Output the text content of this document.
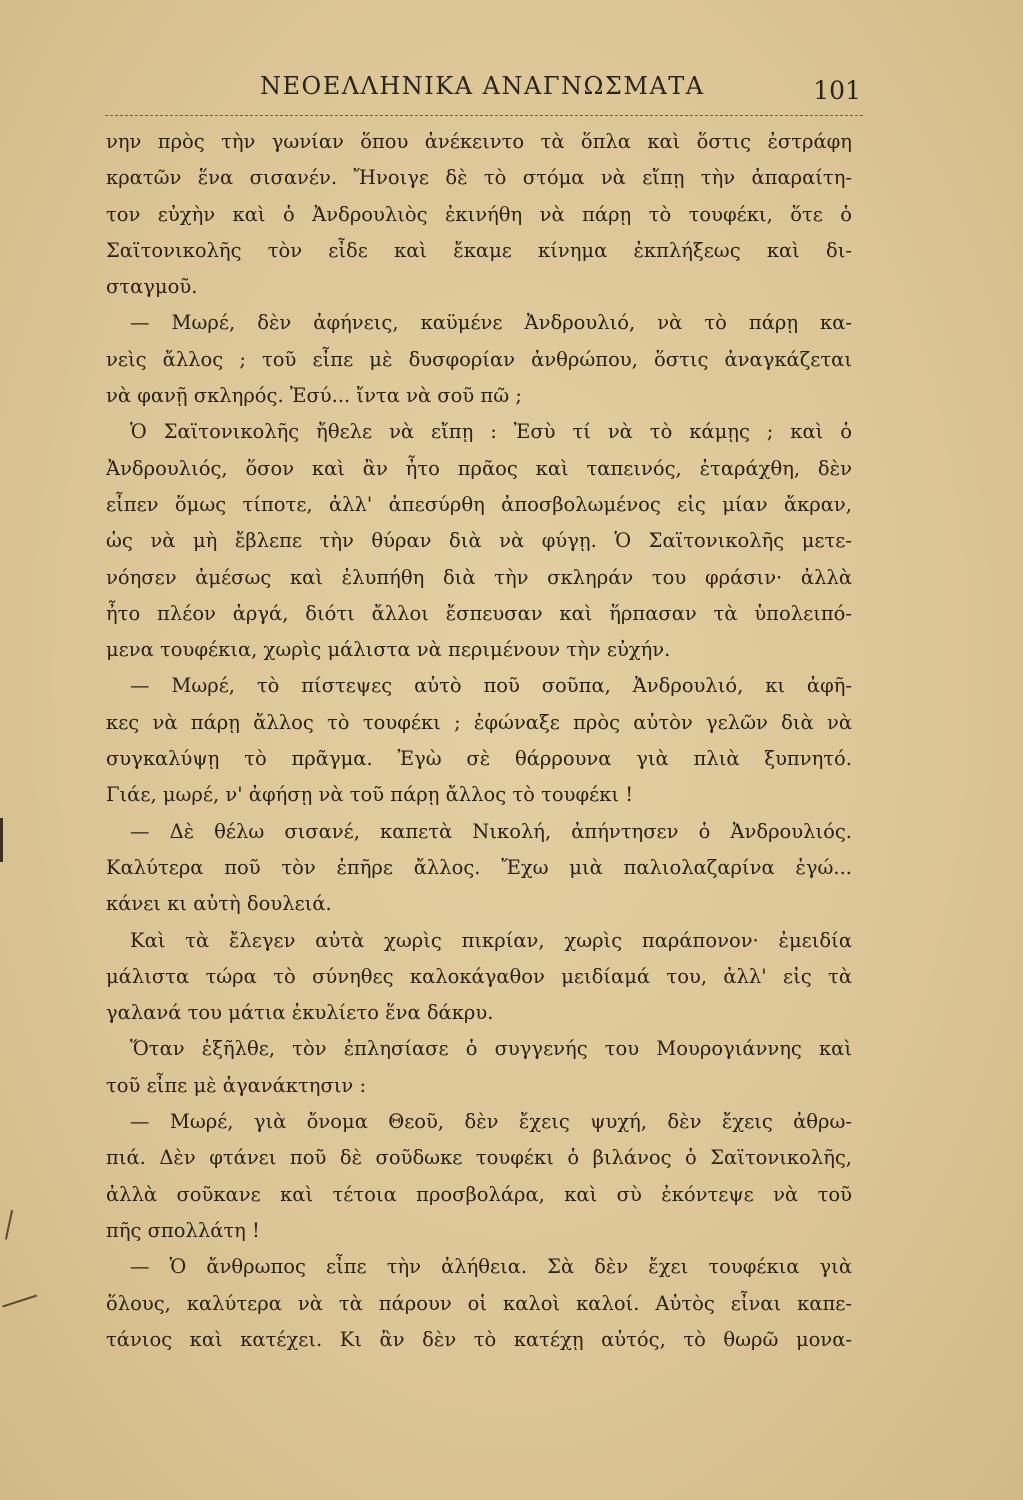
ΝΕΟΕΛΛΗΝΙΚΑ ΑΝΑΓΝΩΣΜΑΤΑ	101
νην πρὸς τὴν γωνίαν ὅπου ἀνέκειντο τὰ ὅπλα καὶ ὅστις ἐστράφη
κρατῶν ἕνα σισανέν. Ἤνοιγε δὲ τὸ στόμα νὰ εἴπῃ τὴν ἀπαραίτη-
τον εὐχὴν καὶ ὁ Ἀνδρουλιὸς ἐκινήθη νὰ πάρῃ τὸ τουφέκι, ὅτε ὁ
Σαϊτονικολῆς τὸν εἶδε καὶ ἔκαμε κίνημα ἐκπλήξεως καὶ δι-
σταγμοῦ.
— Μωρέ, δὲν ἀφήνεις, καϋμένε Ἀνδρουλιό, νὰ τὸ πάρῃ κα-
νεὶς ἄλλος ; τοῦ εἶπε μὲ δυσφορίαν ἀνθρώπου, ὅστις ἀναγκάζεται
νὰ φανῇ σκληρός. Ἐσύ... ἴντα νὰ σοῦ πῶ ;
Ὁ Σαϊτονικολῆς ἤθελε νὰ εἴπῃ : Ἐσὺ τί νὰ τὸ κάμῃς ; καὶ ὁ
Ἀνδρουλιός, ὅσον καὶ ἂν ἦτο πρᾶος καὶ ταπεινός, ἐταράχθη, δὲν
εἶπεν ὅμως τίποτε, ἀλλ' ἀπεσύρθη ἀποσβολωμένος εἰς μίαν ἄκραν,
ὡς νὰ μὴ ἔβλεπε τὴν θύραν διὰ νὰ φύγῃ. Ὁ Σαϊτονικολῆς μετε-
νόησεν ἀμέσως καὶ ἐλυπήθη διὰ τὴν σκληράν του φράσιν· ἀλλὰ
ἦτο πλέον ἀργά, διότι ἄλλοι ἔσπευσαν καὶ ἥρπασαν τὰ ὑπολειπό-
μενα τουφέκια, χωρὶς μάλιστα νὰ περιμένουν τὴν εὐχήν.
— Μωρέ, τὸ πίστεψες αὐτὸ ποῦ σοῦπα, Ἀνδρουλιό, κι ἀφῆ-
κες νὰ πάρῃ ἄλλος τὸ τουφέκι ; ἐφώναξε πρὸς αὐτὸν γελῶν διὰ νὰ
συγκαλύψῃ τὸ πρᾶγμα. Ἐγὼ σὲ θάρρουνα γιὰ πλιὰ ξυπνητό.
Γιάε, μωρέ, ν' ἀφήσῃ νὰ τοῦ πάρῃ ἄλλος τὸ τουφέκι !
— Δὲ θέλω σισανέ, καπετὰ Νικολή, ἀπήντησεν ὁ Ἀνδρουλιός.
Καλύτερα ποῦ τὸν ἐπῆρε ἄλλος. Ἔχω μιὰ παλιολαζαρίνα ἐγώ...
κάνει κι αὐτὴ δουλειά.
Καὶ τὰ ἔλεγεν αὐτὰ χωρὶς πικρίαν, χωρὶς παράπονον· ἐμειδία
μάλιστα τώρα τὸ σύνηθες καλοκάγαθον μειδίαμά του, ἀλλ' εἰς τὰ
γαλανά του μάτια ἐκυλίετο ἕνα δάκρυ.
Ὅταν ἐξῆλθε, τὸν ἐπλησίασε ὁ συγγενής του Μουρογιάννης καὶ
τοῦ εἶπε μὲ ἀγανάκτησιν :
— Μωρέ, γιὰ ὄνομα Θεοῦ, δὲν ἔχεις ψυχή, δὲν ἔχεις ἀθρω-
πιά. Δὲν φτάνει ποῦ δὲ σοῦδωκε τουφέκι ὁ βιλάνος ὁ Σαϊτονικολῆς,
ἀλλὰ σοῦκανε καὶ τέτοια προσβολάρα, καὶ σὺ ἐκόντεψε νὰ τοῦ
πῆς σπολλάτη !
— Ὁ ἄνθρωπος εἶπε τὴν ἀλήθεια. Σὰ δὲν ἔχει τουφέκια γιὰ
ὅλους, καλύτερα νὰ τὰ πάρουν οἱ καλοὶ καλοί. Αὐτὸς εἶναι καπε-
τάνιος καὶ κατέχει. Κι ἂν δὲν τὸ κατέχῃ αὐτός, τὸ θωρῶ μονα-
